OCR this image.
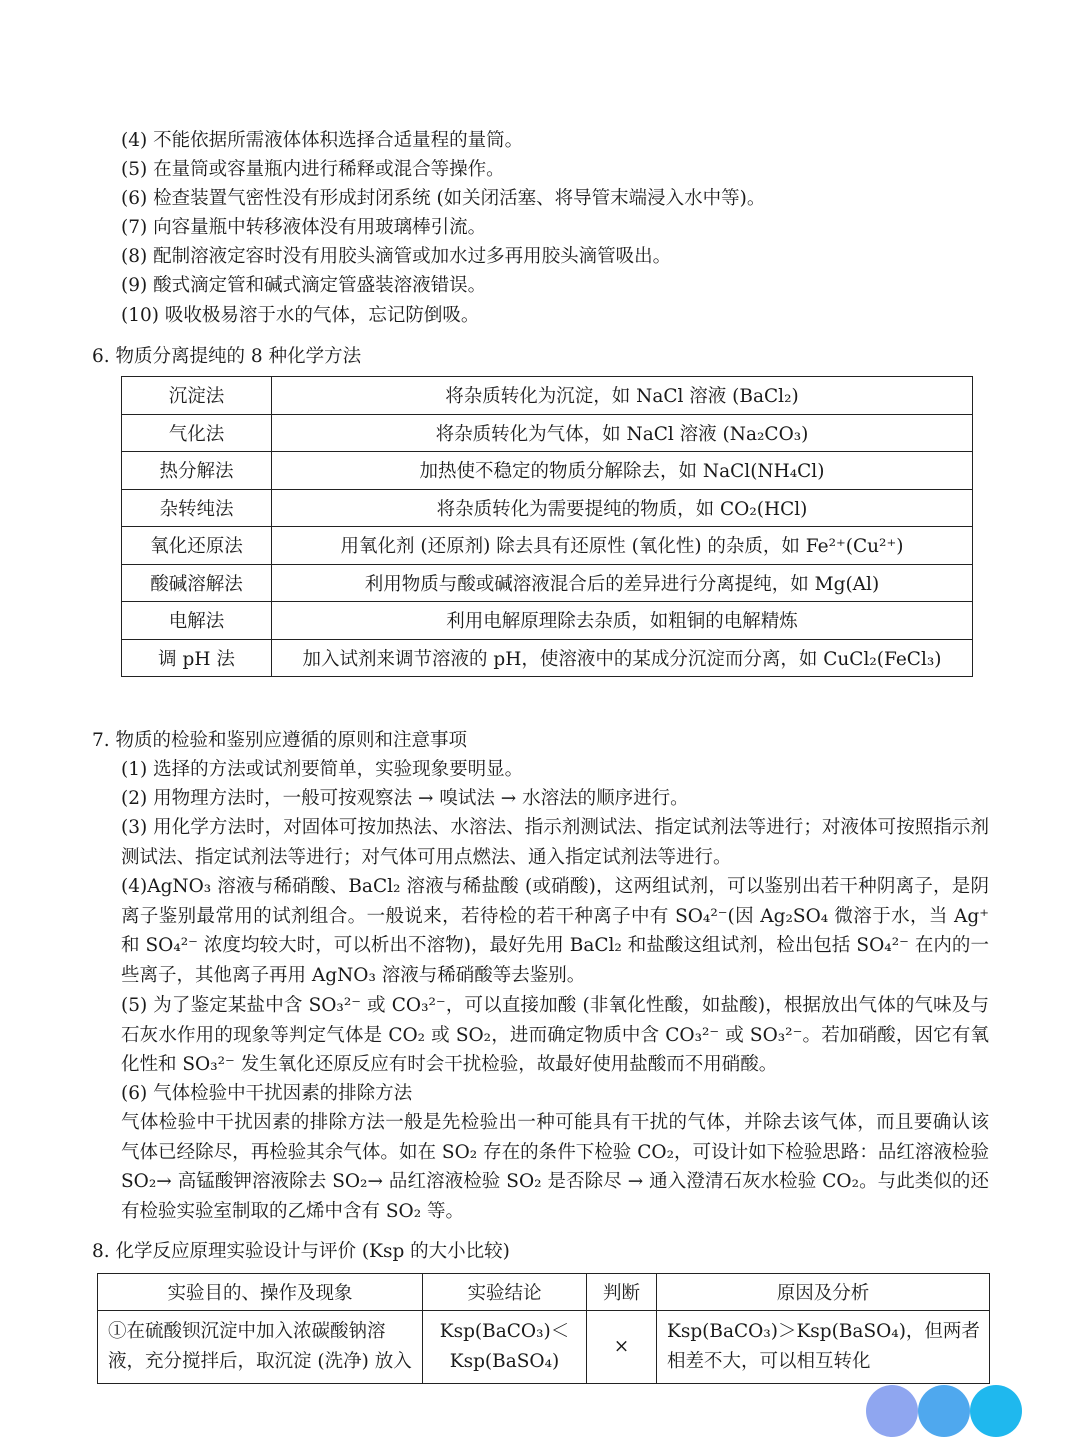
(4) 不能依据所需液体体积选择合适量程的量筒。
(5) 在量筒或容量瓶内进行稀释或混合等操作。
(6) 检查装置气密性没有形成封闭系统 (如关闭活塞、将导管末端浸入水中等)。
(7) 向容量瓶中转移液体没有用玻璃棒引流。
(8) 配制溶液定容时没有用胶头滴管或加水过多再用胶头滴管吸出。
(9) 酸式滴定管和碱式滴定管盛装溶液错误。
(10) 吸收极易溶于水的气体，忘记防倒吸。
6. 物质分离提纯的 8 种化学方法
沉淀法	将杂质转化为沉淀，如 NaCl 溶液 (BaCl₂)
气化法	将杂质转化为气体，如 NaCl 溶液 (Na₂CO₃)
热分解法	加热使不稳定的物质分解除去，如 NaCl(NH₄Cl)
杂转纯法	将杂质转化为需要提纯的物质，如 CO₂(HCl)
氧化还原法	用氧化剂 (还原剂) 除去具有还原性 (氧化性) 的杂质，如 Fe²⁺(Cu²⁺)
酸碱溶解法	利用物质与酸或碱溶液混合后的差异进行分离提纯，如 Mg(Al)
电解法	利用电解原理除去杂质，如粗铜的电解精炼
调 pH 法	加入试剂来调节溶液的 pH，使溶液中的某成分沉淀而分离，如 CuCl₂(FeCl₃)
7. 物质的检验和鉴别应遵循的原则和注意事项
(1) 选择的方法或试剂要简单，实验现象要明显。
(2) 用物理方法时，一般可按观察法 → 嗅试法 → 水溶法的顺序进行。
(3) 用化学方法时，对固体可按加热法、水溶法、指示剂测试法、指定试剂法等进行；对液体可按照指示剂测试法、指定试剂法等进行；对气体可用点燃法、通入指定试剂法等进行。
(4)AgNO₃ 溶液与稀硝酸、BaCl₂ 溶液与稀盐酸 (或硝酸)，这两组试剂，可以鉴别出若干种阴离子，是阴离子鉴别最常用的试剂组合。一般说来，若待检的若干种离子中有 SO₄²⁻(因 Ag₂SO₄ 微溶于水，当 Ag⁺ 和 SO₄²⁻ 浓度均较大时，可以析出不溶物)，最好先用 BaCl₂ 和盐酸这组试剂，检出包括 SO₄²⁻ 在内的一些离子，其他离子再用 AgNO₃ 溶液与稀硝酸等去鉴别。
(5) 为了鉴定某盐中含 SO₃²⁻ 或 CO₃²⁻，可以直接加酸 (非氧化性酸，如盐酸)，根据放出气体的气味及与石灰水作用的现象等判定气体是 CO₂ 或 SO₂，进而确定物质中含 CO₃²⁻ 或 SO₃²⁻。若加硝酸，因它有氧化性和 SO₃²⁻ 发生氧化还原反应有时会干扰检验，故最好使用盐酸而不用硝酸。
(6) 气体检验中干扰因素的排除方法
气体检验中干扰因素的排除方法一般是先检验出一种可能具有干扰的气体，并除去该气体，而且要确认该气体已经除尽，再检验其余气体。如在 SO₂ 存在的条件下检验 CO₂，可设计如下检验思路：品红溶液检验 SO₂→ 高锰酸钾溶液除去 SO₂→ 品红溶液检验 SO₂ 是否除尽 → 通入澄清石灰水检验 CO₂。与此类似的还有检验实验室制取的乙烯中含有 SO₂ 等。
8. 化学反应原理实验设计与评价 (Ksp 的大小比较)
实验目的、操作及现象	实验结论	判断	原因及分析
①在硫酸钡沉淀中加入浓碳酸钠溶液，充分搅拌后，取沉淀 (洗净) 放入	Ksp(BaCO₃)＜ Ksp(BaSO₄)	×	Ksp(BaCO₃)＞Ksp(BaSO₄)，但两者相差不大，可以相互转化
